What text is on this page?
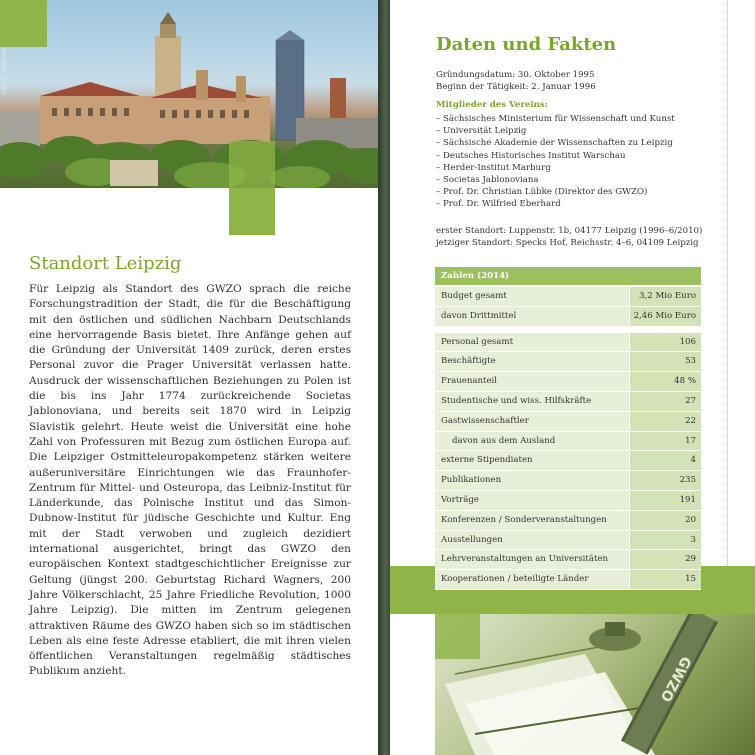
Foto: © PUNKTUM
Standort Leipzig

Für Leipzig als Standort des GWZO sprach die reiche Forschungstradition der Stadt, die für die Beschäftigung mit den östlichen und südlichen Nachbarn Deutschlands eine hervorragende Basis bietet. Ihre Anfänge gehen auf die Gründung der Universität 1409 zurück, deren erstes Personal zuvor die Prager Universität verlassen hatte. Ausdruck der wissenschaftlichen Beziehungen zu Polen ist die bis ins Jahr 1774 zurückreichende Societas Jablonoviana, und bereits seit 1870 wird in Leipzig Slavistik gelehrt. Heute weist die Universität eine hohe Zahl von Professuren mit Bezug zum östlichen Europa auf. Die Leipziger Ostmitteleuropakompetenz stärken weitere außeruniversitäre Einrichtungen wie das Fraunhofer-Zentrum für Mittel- und Osteuropa, das Leibniz-Institut für Länderkunde, das Polnische Institut und das Simon-Dubnow-Institut für jüdische Geschichte und Kultur. Eng mit der Stadt verwoben und zugleich dezidiert international ausgerichtet, bringt das GWZO den europäischen Kontext stadtgeschichtlicher Ereignisse zur Geltung (jüngst 200. Geburtstag Richard Wagners, 200 Jahre Völkerschlacht, 25 Jahre Friedliche Revolution, 1000 Jahre Leipzig). Die mitten im Zentrum gelegenen attraktiven Räume des GWZO haben sich so im städtischen Leben als eine feste Adresse etabliert, die mit ihren vielen öffentlichen Veranstaltungen regelmäßig städtisches Publikum anzieht.

Daten und Fakten
Gründungsdatum: 30. Oktober 1995
Beginn der Tätigkeit: 2. Januar 1996
Mitglieder des Vereins:
– Sächsisches Ministerium für Wissenschaft und Kunst
– Universität Leipzig
– Sächsische Akademie der Wissenschaften zu Leipzig
– Deutsches Historisches Institut Warschau
– Herder-Institut Marburg
– Societas Jablonoviana
– Prof. Dr. Christian Lübke (Direktor des GWZO)
– Prof. Dr. Wilfried Eberhard
erster Standort: Luppenstr. 1b, 04177 Leipzig (1996–6/2010)
jetziger Standort: Specks Hof, Reichsstr. 4–6, 04109 Leipzig
Zahlen (2014)
Budget gesamt	3,2 Mio Euro
davon Drittmittel	2,46 Mio Euro
Personal gesamt	106
Beschäftigte	53
Frauenanteil	48 %
Studentische und wiss. Hilfskräfte	27
Gastwissenschaftler	22
davon aus dem Ausland	17
externe Stipendiaten	4
Publikationen	235
Vorträge	191
Konferenzen / Sonderveranstaltungen	20
Ausstellungen	3
Lehrveranstaltungen an Universitäten	29
Kooperationen / beteiligte Länder	15
GWZO
